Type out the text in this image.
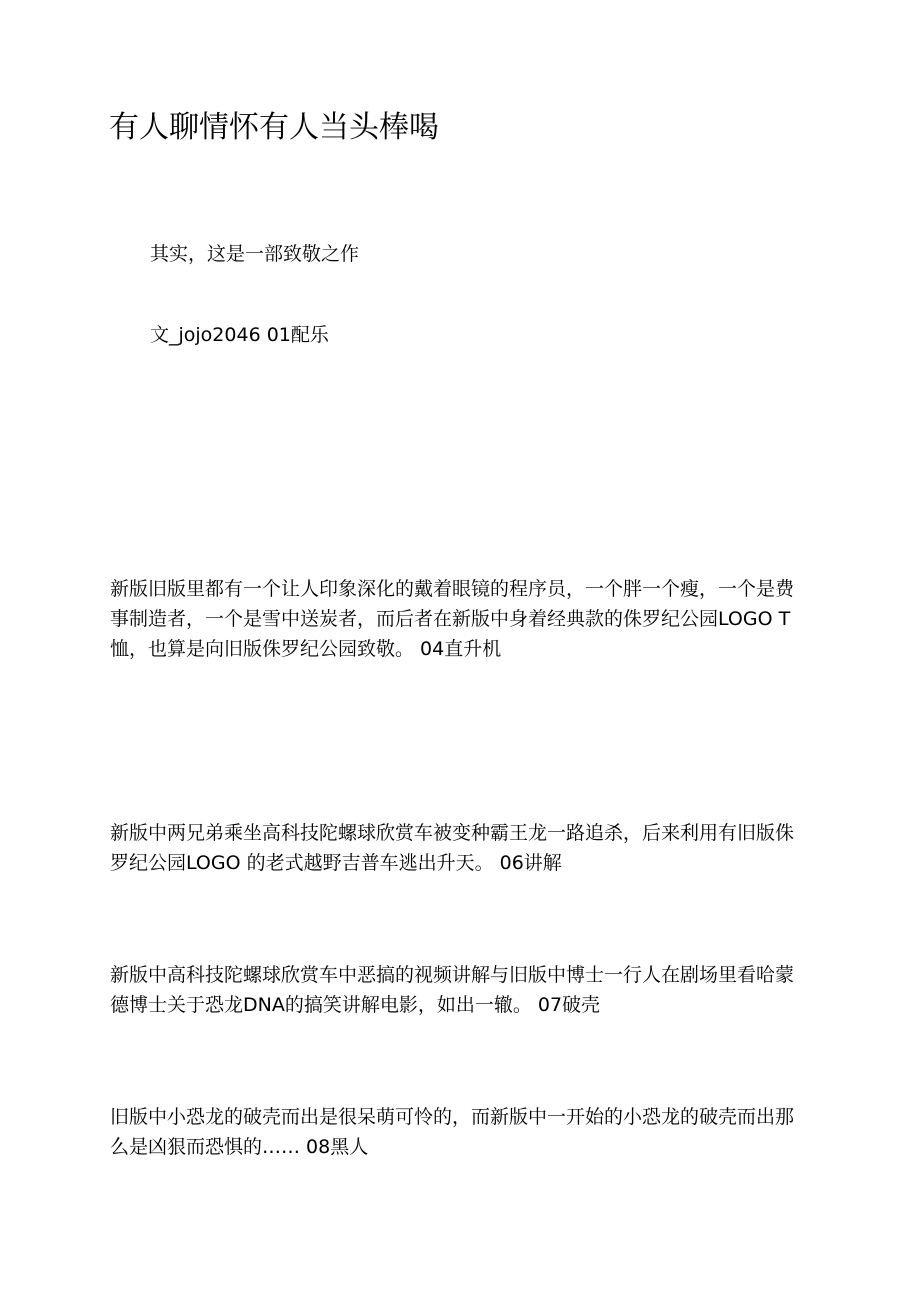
有人聊情怀有人当头棒喝

其实，这是一部致敬之作

文_jojo2046 01配乐

新版旧版里都有一个让人印象深化的戴着眼镜的程序员，一个胖一个瘦，一个是费事制造者，一个是雪中送炭者，而后者在新版中身着经典款的侏罗纪公园LOGO T恤，也算是向旧版侏罗纪公园致敬。 04直升机

新版中两兄弟乘坐高科技陀螺球欣赏车被变种霸王龙一路追杀，后来利用有旧版侏罗纪公园LOGO 的老式越野吉普车逃出升天。 06讲解

新版中高科技陀螺球欣赏车中恶搞的视频讲解与旧版中博士一行人在剧场里看哈蒙德博士关于恐龙DNA的搞笑讲解电影，如出一辙。 07破壳

旧版中小恐龙的破壳而出是很呆萌可怜的，而新版中一开始的小恐龙的破壳而出那么是凶狠而恐惧的…… 08黑人
